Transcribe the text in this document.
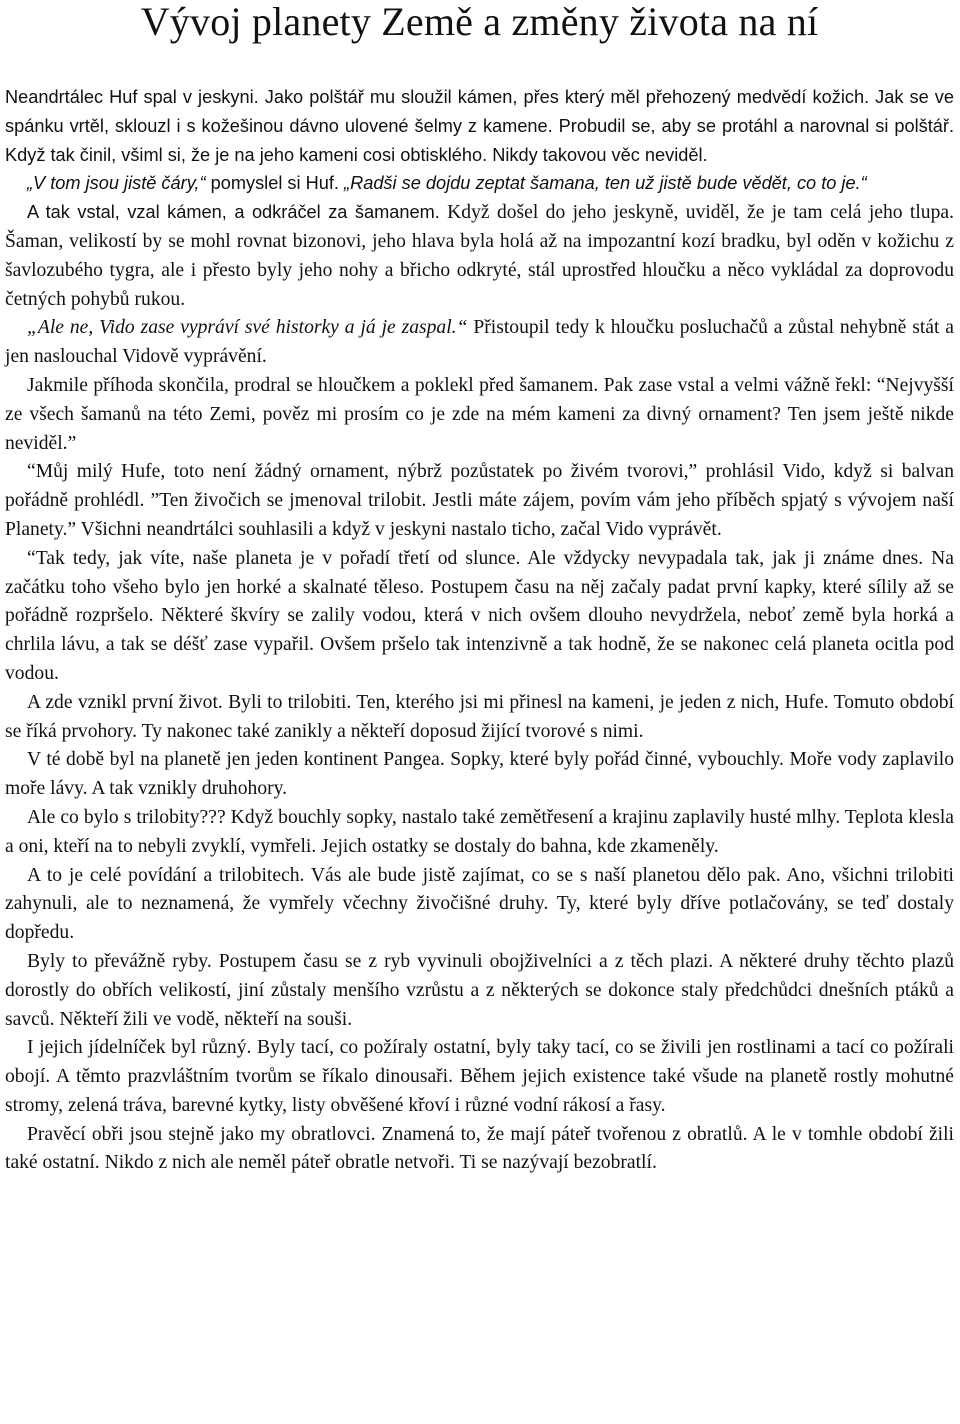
Vývoj planety Země a změny života na ní

Neandrtálec Huf spal v jeskyni. Jako polštář mu sloužil kámen, přes který měl přehozený medvědí kožich. Jak se ve spánku vrtěl, sklouzl i s kožešinou dávno ulovené šelmy z kamene. Probudil se, aby se protáhl a narovnal si polštář. Když tak činil, všiml si, že je na jeho kameni cosi obtisklého. Nikdy takovou věc neviděl.

„V tom jsou jistě čáry,“ pomyslel si Huf. „Radši se dojdu zeptat šamana, ten už jistě bude vědět, co to je.“

A tak vstal, vzal kámen, a odkráčel za šamanem. Když došel do jeho jeskyně, uviděl, že je tam celá jeho tlupa. Šaman, velikostí by se mohl rovnat bizonovi, jeho hlava byla holá až na impozantní kozí bradku, byl oděn v kožichu z šavlozubého tygra, ale i přesto byly jeho nohy a břicho odkryté, stál uprostřed hloučku a něco vykládal za doprovodu četných pohybů rukou.

„Ale ne, Vido zase vypráví své historky a já je zaspal.“ Přistoupil tedy k hloučku posluchačů a zůstal nehybně stát a jen naslouchal Vidově vyprávění.

Jakmile příhoda skončila, prodral se hloučkem a poklekl před šamanem. Pak zase vstal a velmi vážně řekl: “Nejvyšší ze všech šamanů na této Zemi, pověz mi prosím co je zde na mém kameni za divný ornament? Ten jsem ještě nikde neviděl.”

“Můj milý Hufe, toto není žádný ornament, nýbrž pozůstatek po živém tvorovi,” prohlásil Vido, když si balvan pořádně prohlédl. ”Ten živočich se jmenoval trilobit. Jestli máte zájem, povím vám jeho příběch spjatý s vývojem naší Planety.” Všichni neandrtálci souhlasili a když v jeskyni nastalo ticho, začal Vido vyprávět.

“Tak tedy, jak víte, naše planeta je v pořadí třetí od slunce. Ale vždycky nevypadala tak, jak ji známe dnes. Na začátku toho všeho bylo jen horké a skalnaté těleso. Postupem času na něj začaly padat první kapky, které sílily až se pořádně rozpršelo. Některé škvíry se zalily vodou, která v nich ovšem dlouho nevydržela, neboť země byla horká a chrlila lávu, a tak se déšť zase vypařil. Ovšem pršelo tak intenzivně a tak hodně, že se nakonec celá planeta ocitla pod vodou.

A zde vznikl první život. Byli to trilobiti. Ten, kterého jsi mi přinesl na kameni, je jeden z nich, Hufe. Tomuto období se říká prvohory. Ty nakonec také zanikly a někteří doposud žijící tvorové s nimi.

V té době byl na planetě jen jeden kontinent Pangea. Sopky, které byly pořád činné, vybouchly. Moře vody zaplavilo moře lávy. A tak vznikly druhohory.

Ale co bylo s trilobity??? Když bouchly sopky, nastalo také zemětřesení a krajinu zaplavily husté mlhy. Teplota klesla a oni, kteří na to nebyli zvyklí, vymřeli. Jejich ostatky se dostaly do bahna, kde zkameněly.

A to je celé povídání a trilobitech. Vás ale bude jistě zajímat, co se s naší planetou dělo pak. Ano, všichni trilobiti zahynuli, ale to neznamená, že vymřely včechny živočišné druhy. Ty, které byly dříve potlačovány, se teď dostaly dopředu.

Byly to převážně ryby. Postupem času se z ryb vyvinuli obojživelníci a z těch plazi. A některé druhy těchto plazů dorostly do obřích velikostí, jiní zůstaly menšího vzrůstu a z některých se dokonce staly předchůdci dnešních ptáků a savců. Někteří žili ve vodě, někteří na souši.

I jejich jídelníček byl různý. Byly tací, co požíraly ostatní, byly taky tací, co se živili jen rostlinami a tací co požírali obojí. A těmto prazvláštním tvorům se říkalo dinousaři. Během jejich existence také všude na planetě rostly mohutné stromy, zelená tráva, barevné kytky, listy obvěšené křoví i různé vodní rákosí a řasy.

Pravěcí obři jsou stejně jako my obratlovci. Znamená to, že mají páteř tvořenou z obratlů. A le v tomhle období žili také ostatní. Nikdo z nich ale neměl páteř obratle netvoři. Ti se nazývají bezobratlí.
